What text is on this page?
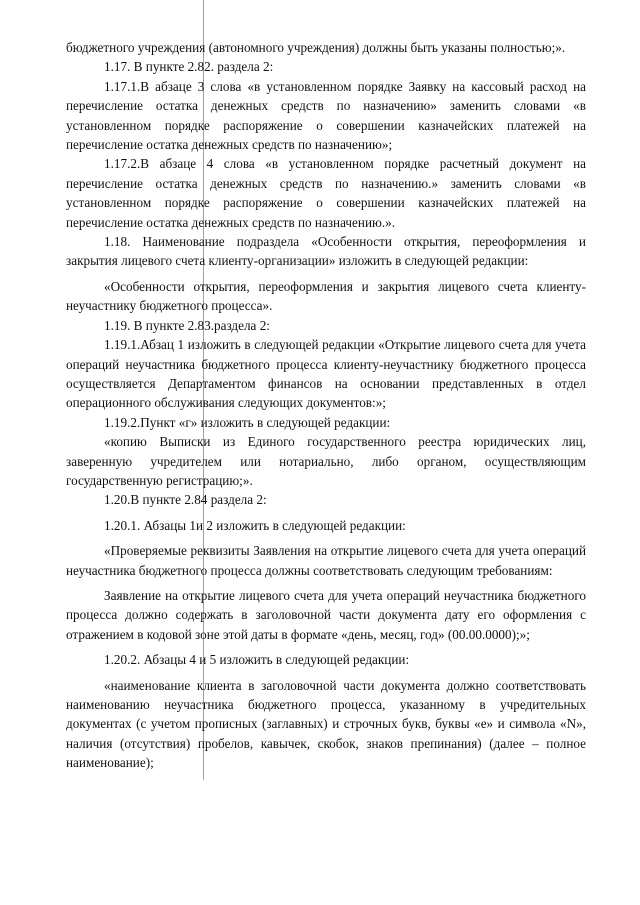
бюджетного учреждения (автономного учреждения) должны быть указаны полностью;».

1.17. В пункте 2.82. раздела 2:

1.17.1.В абзаце 3 слова «в установленном порядке Заявку на кассовый расход на перечисление остатка денежных средств по назначению» заменить словами «в установленном порядке распоряжение о совершении казначейских платежей на перечисление остатка денежных средств по назначению»;

1.17.2.В абзаце 4 слова «в установленном порядке расчетный документ на перечисление остатка денежных средств по назначению.» заменить словами «в установленном порядке распоряжение о совершении казначейских платежей на перечисление остатка денежных средств по назначению.».

1.18. Наименование подраздела «Особенности открытия, переоформления и закрытия лицевого счета клиенту-организации» изложить в следующей редакции:

«Особенности открытия, переоформления и закрытия лицевого счета клиенту-неучастнику бюджетного процесса».

1.19. В пункте 2.83.раздела 2:

1.19.1.Абзац 1 изложить в следующей редакции «Открытие лицевого счета для учета операций неучастника бюджетного процесса клиенту-неучастнику бюджетного процесса осуществляется Департаментом финансов на основании представленных в отдел операционного обслуживания следующих документов:»;

1.19.2.Пункт «г» изложить в следующей редакции:

«копию Выписки из Единого государственного реестра юридических лиц, заверенную учредителем или нотариально, либо органом, осуществляющим государственную регистрацию;».

1.20.В пункте 2.84 раздела 2:

1.20.1. Абзацы 1и 2 изложить в следующей редакции:

«Проверяемые реквизиты Заявления на открытие лицевого счета для учета операций неучастника бюджетного процесса должны соответствовать следующим требованиям:

Заявление на открытие лицевого счета для учета операций неучастника бюджетного процесса должно содержать в заголовочной части документа дату его оформления с отражением в кодовой зоне этой даты в формате «день, месяц, год» (00.00.0000);»;

1.20.2. Абзацы 4 и 5 изложить в следующей редакции:

«наименование клиента в заголовочной части документа должно соответствовать наименованию неучастника бюджетного процесса, указанному в учредительных документах (с учетом прописных (заглавных) и строчных букв, буквы «е» и символа «N», наличия (отсутствия) пробелов, кавычек, скобок, знаков препинания) (далее – полное наименование);
